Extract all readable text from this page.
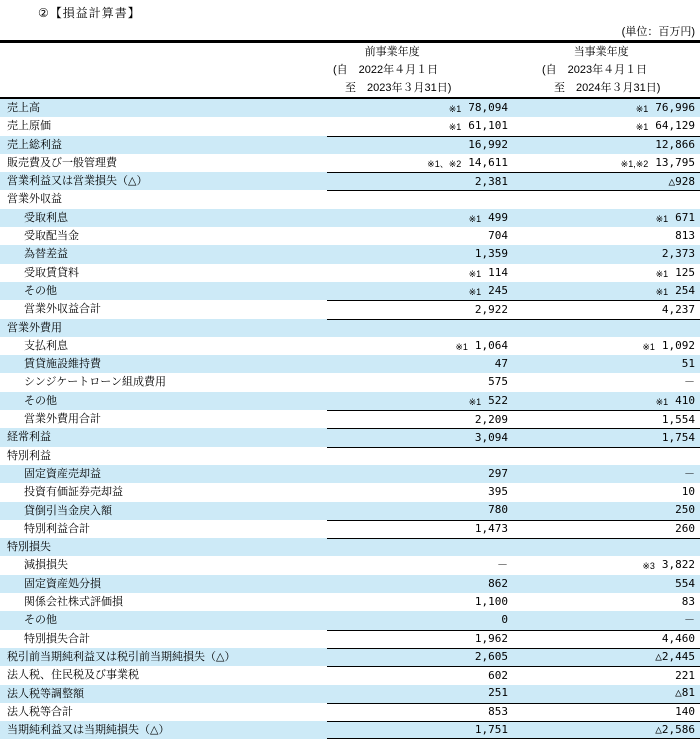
②【損益計算書】
(単位：百万円)
前事業年度
(自　2022年４月１日
至　2023年３月31日)
当事業年度
(自　2023年４月１日
至　2024年３月31日)
売上高	※1 78,094	※1 76,996
売上原価	※1 61,101	※1 64,129
売上総利益	16,992	12,866
販売費及び一般管理費	※1、※2 14,611	※1,※2 13,795
営業利益又は営業損失（△）	2,381	△928
営業外収益
受取利息	※1 499	※1 671
受取配当金	704	813
為替差益	1,359	2,373
受取賃貸料	※1 114	※1 125
その他	※1 245	※1 254
営業外収益合計	2,922	4,237
営業外費用
支払利息	※1 1,064	※1 1,092
賃貸施設維持費	47	51
シンジケートローン組成費用	575	－
その他	※1 522	※1 410
営業外費用合計	2,209	1,554
経常利益	3,094	1,754
特別利益
固定資産売却益	297	－
投資有価証券売却益	395	10
貸倒引当金戻入額	780	250
特別利益合計	1,473	260
特別損失
減損損失	－	※3 3,822
固定資産処分損	862	554
関係会社株式評価損	1,100	83
その他	0	－
特別損失合計	1,962	4,460
税引前当期純利益又は税引前当期純損失（△）	2,605	△2,445
法人税、住民税及び事業税	602	221
法人税等調整額	251	△81
法人税等合計	853	140
当期純利益又は当期純損失（△）	1,751	△2,586
